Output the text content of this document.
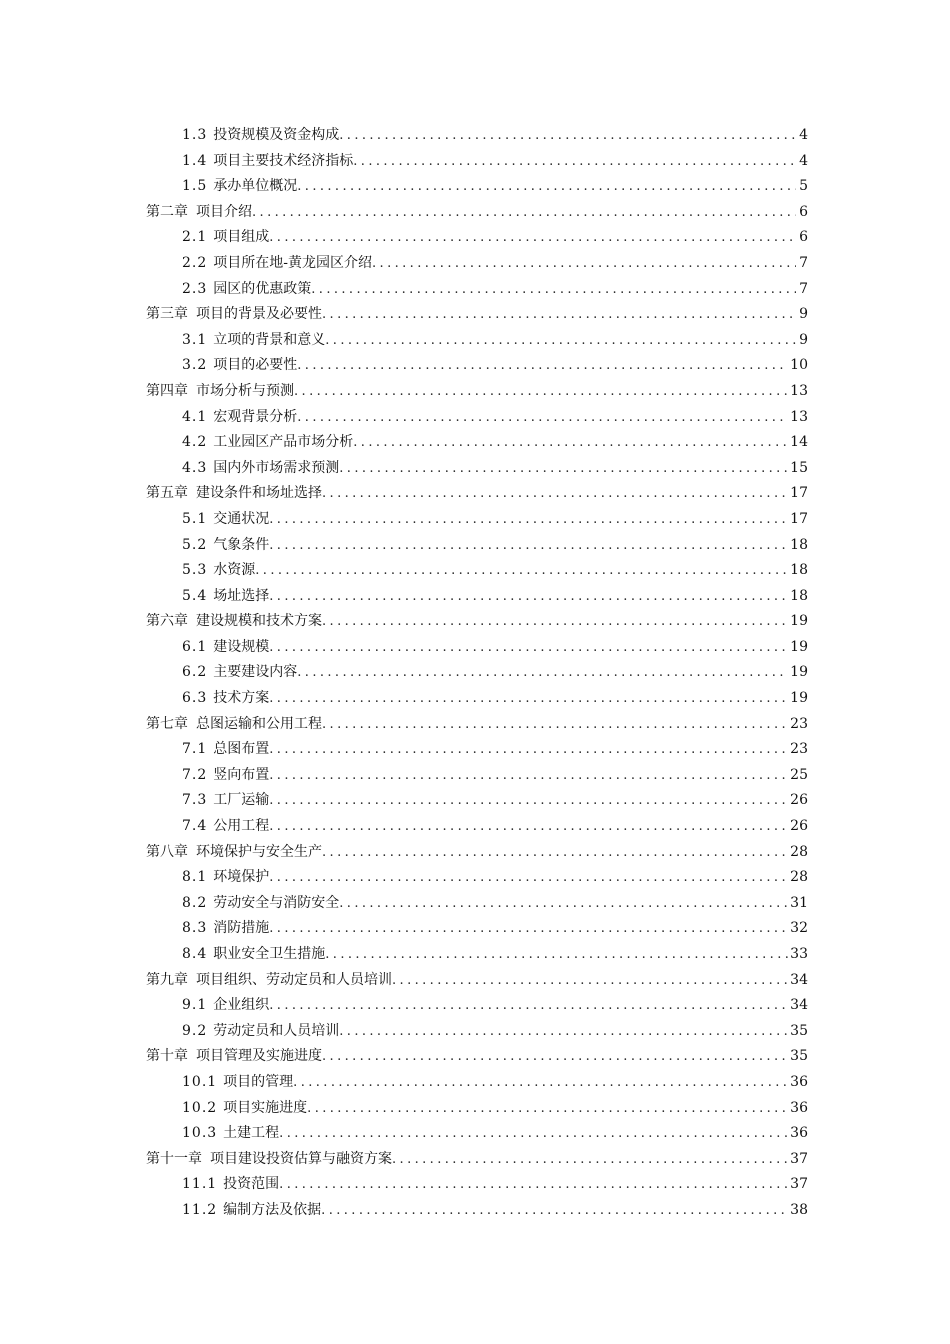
1.3 投资规模及资金构成 .....	4
1.4 项目主要技术经济指标 .....	4
1.5 承办单位概况 .....	5
第二章 项目介绍 .....	6
2.1 项目组成 .....	6
2.2 项目所在地-黄龙园区介绍 .....	7
2.3 园区的优惠政策 .....	7
第三章 项目的背景及必要性 .....	9
3.1 立项的背景和意义 .....	9
3.2 项目的必要性 .....	10
第四章 市场分析与预测 .....	13
4.1 宏观背景分析 .....	13
4.2 工业园区产品市场分析 .....	14
4.3 国内外市场需求预测 .....	15
第五章 建设条件和场址选择 .....	17
5.1 交通状况 .....	17
5.2 气象条件 .....	18
5.3 水资源 .....	18
5.4 场址选择 .....	18
第六章 建设规模和技术方案 .....	19
6.1 建设规模 .....	19
6.2 主要建设内容 .....	19
6.3 技术方案 .....	19
第七章 总图运输和公用工程 .....	23
7.1 总图布置 .....	23
7.2 竖向布置 .....	25
7.3 工厂运输 .....	26
7.4 公用工程 .....	26
第八章 环境保护与安全生产 .....	28
8.1 环境保护 .....	28
8.2 劳动安全与消防安全 .....	31
8.3 消防措施 .....	32
8.4 职业安全卫生措施 .....	33
第九章 项目组织、劳动定员和人员培训 .....	34
9.1 企业组织 .....	34
9.2 劳动定员和人员培训 .....	35
第十章 项目管理及实施进度 .....	35
10.1 项目的管理 .....	36
10.2 项目实施进度 .....	36
10.3 土建工程 .....	36
第十一章 项目建设投资估算与融资方案 .....	37
11.1 投资范围 .....	37
11.2 编制方法及依据 .....	38
